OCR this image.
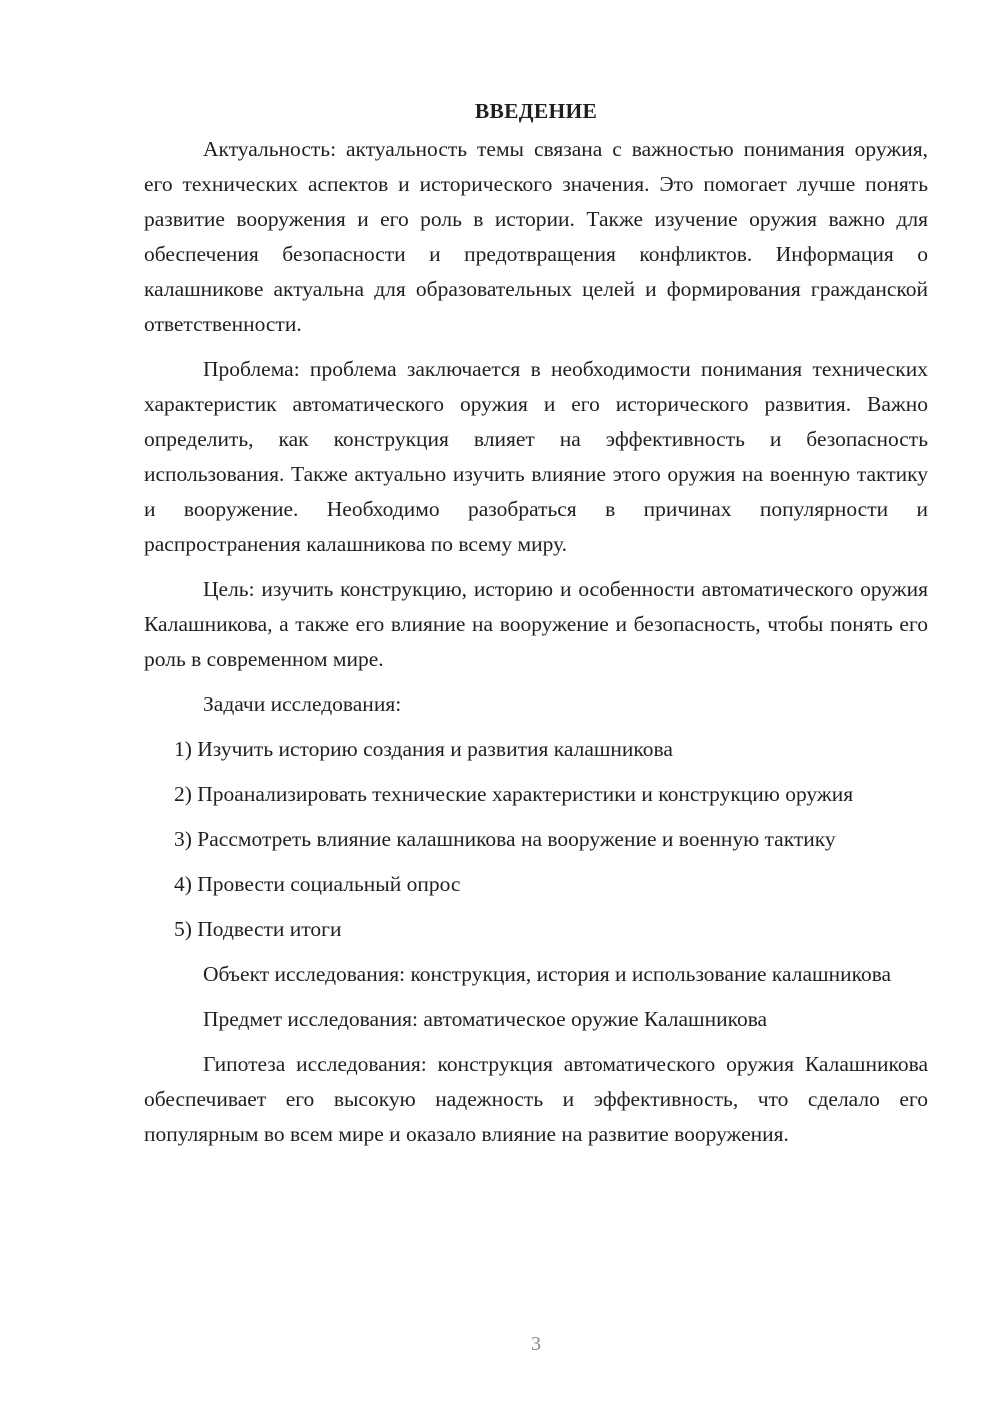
ВВЕДЕНИЕ

Актуальность: актуальность темы связана с важностью понимания оружия, его технических аспектов и исторического значения. Это помогает лучше понять развитие вооружения и его роль в истории. Также изучение оружия важно для обеспечения безопасности и предотвращения конфликтов. Информация о калашникове актуальна для образовательных целей и формирования гражданской ответственности.

Проблема: проблема заключается в необходимости понимания технических характеристик автоматического оружия и его исторического развития. Важно определить, как конструкция влияет на эффективность и безопасность использования. Также актуально изучить влияние этого оружия на военную тактику и вооружение. Необходимо разобраться в причинах популярности и распространения калашникова по всему миру.

Цель: изучить конструкцию, историю и особенности автоматического оружия Калашникова, а также его влияние на вооружение и безопасность, чтобы понять его роль в современном мире.

Задачи исследования:

1) Изучить историю создания и развития калашникова

2) Проанализировать технические характеристики и конструкцию оружия

3) Рассмотреть влияние калашникова на вооружение и военную тактику

4) Провести социальный опрос

5) Подвести итоги

Объект исследования: конструкция, история и использование калашникова

Предмет исследования: автоматическое оружие Калашникова

Гипотеза исследования: конструкция автоматического оружия Калашникова обеспечивает его высокую надежность и эффективность, что сделало его популярным во всем мире и оказало влияние на развитие вооружения.

3
